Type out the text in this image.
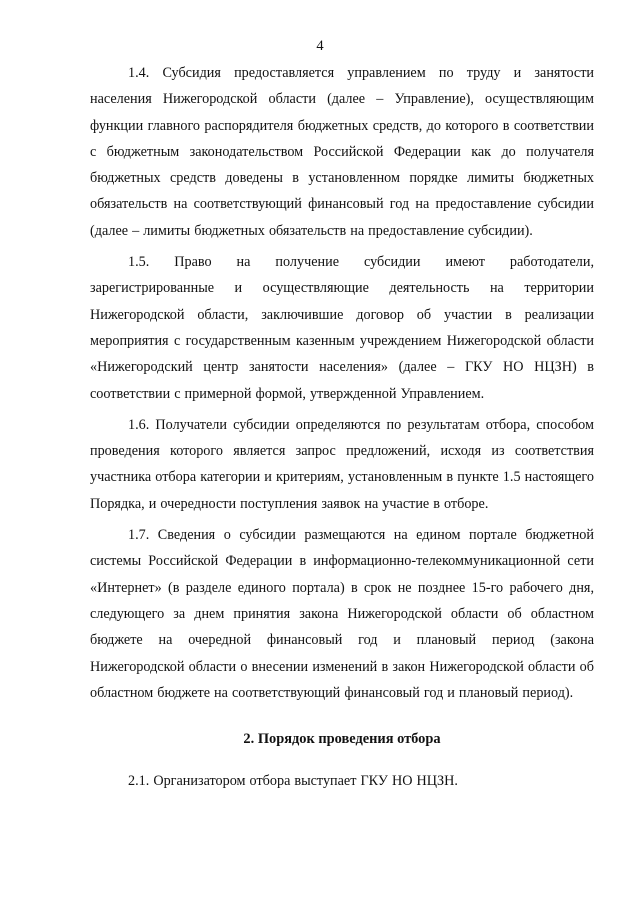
4

1.4. Субсидия предоставляется управлением по труду и занятости населения Нижегородской области (далее – Управление), осуществляющим функции главного распорядителя бюджетных средств, до которого в соответствии с бюджетным законодательством Российской Федерации как до получателя бюджетных средств доведены в установленном порядке лимиты бюджетных обязательств на соответствующий финансовый год на предоставление субсидии (далее – лимиты бюджетных обязательств на предоставление субсидии).

1.5. Право на получение субсидии имеют работодатели, зарегистрированные и осуществляющие деятельность на территории Нижегородской области, заключившие договор об участии в реализации мероприятия с государственным казенным учреждением Нижегородской области «Нижегородский центр занятости населения» (далее – ГКУ НО НЦЗН) в соответствии с примерной формой, утвержденной Управлением.

1.6. Получатели субсидии определяются по результатам отбора, способом проведения которого является запрос предложений, исходя из соответствия участника отбора категории и критериям, установленным в пункте 1.5 настоящего Порядка, и очередности поступления заявок на участие в отборе.

1.7. Сведения о субсидии размещаются на едином портале бюджетной системы Российской Федерации в информационно-телекоммуникационной сети «Интернет» (в разделе единого портала) в срок не позднее 15-го рабочего дня, следующего за днем принятия закона Нижегородской области об областном бюджете на очередной финансовый год и плановый период (закона Нижегородской области о внесении изменений в закон Нижегородской области об областном бюджете на соответствующий финансовый год и плановый период).

2. Порядок проведения отбора

2.1. Организатором отбора выступает ГКУ НО НЦЗН.
